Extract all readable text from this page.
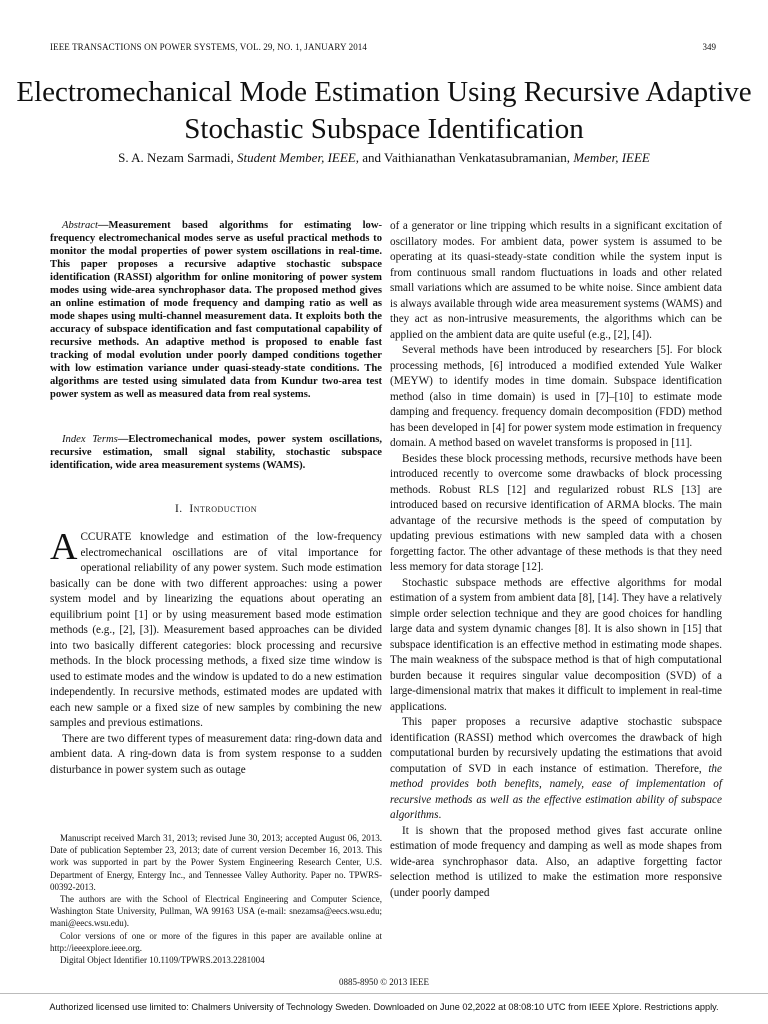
IEEE TRANSACTIONS ON POWER SYSTEMS, VOL. 29, NO. 1, JANUARY 2014	349
Electromechanical Mode Estimation Using Recursive Adaptive Stochastic Subspace Identification
S. A. Nezam Sarmadi, Student Member, IEEE, and Vaithianathan Venkatasubramanian, Member, IEEE

Abstract—Measurement based algorithms for estimating low-frequency electromechanical modes serve as useful practical methods to monitor the modal properties of power system oscillations in real-time. This paper proposes a recursive adaptive stochastic subspace identification (RASSI) algorithm for online monitoring of power system modes using wide-area synchrophasor data. The proposed method gives an online estimation of mode frequency and damping ratio as well as mode shapes using multi-channel measurement data. It exploits both the accuracy of subspace identification and fast computational capability of recursive methods. An adaptive method is proposed to enable fast tracking of modal evolution under poorly damped conditions together with low estimation variance under quasi-steady-state conditions. The algorithms are tested using simulated data from Kundur two-area test power system as well as measured data from real systems.

Index Terms—Electromechanical modes, power system oscillations, recursive estimation, small signal stability, stochastic subspace identification, wide area measurement systems (WAMS).

I. Introduction

ACCURATE knowledge and estimation of the low-frequency electromechanical oscillations are of vital importance for operational reliability of any power system. Such mode estimation basically can be done with two different approaches: using a power system model and by linearizing the equations about operating an equilibrium point [1] or by using measurement based mode estimation methods (e.g., [2], [3]). Measurement based approaches can be divided into two basically different categories: block processing and recursive methods. In the block processing methods, a fixed size time window is used to estimate modes and the window is updated to do a new estimation independently. In recursive methods, estimated modes are updated with each new sample or a fixed size of new samples by combining the new samples and previous estimations.

There are two different types of measurement data: ring-down data and ambient data. A ring-down data is from system response to a sudden disturbance in power system such as outage

Manuscript received March 31, 2013; revised June 30, 2013; accepted August 06, 2013. Date of publication September 23, 2013; date of current version December 16, 2013. This work was supported in part by the Power System Engineering Research Center, U.S. Department of Energy, Entergy Inc., and Tennessee Valley Authority. Paper no. TPWRS-00392-2013.

The authors are with the School of Electrical Engineering and Computer Science, Washington State University, Pullman, WA 99163 USA (e-mail: snezamsa@eecs.wsu.edu; mani@eecs.wsu.edu).

Color versions of one or more of the figures in this paper are available online at http://ieeexplore.ieee.org.

Digital Object Identifier 10.1109/TPWRS.2013.2281004

of a generator or line tripping which results in a significant excitation of oscillatory modes. For ambient data, power system is assumed to be operating at its quasi-steady-state condition while the system input is from continuous small random fluctuations in loads and other related small variations which are assumed to be white noise. Since ambient data is always available through wide area measurement systems (WAMS) and they act as non-intrusive measurements, the algorithms which can be applied on the ambient data are quite useful (e.g., [2], [4]).

Several methods have been introduced by researchers [5]. For block processing methods, [6] introduced a modified extended Yule Walker (MEYW) to identify modes in time domain. Subspace identification method (also in time domain) is used in [7]–[10] to estimate mode damping and frequency. frequency domain decomposition (FDD) method has been developed in [4] for power system mode estimation in frequency domain. A method based on wavelet transforms is proposed in [11].

Besides these block processing methods, recursive methods have been introduced recently to overcome some drawbacks of block processing methods. Robust RLS [12] and regularized robust RLS [13] are introduced based on recursive identification of ARMA blocks. The main advantage of the recursive methods is the speed of computation by updating previous estimations with new sampled data with a chosen forgetting factor. The other advantage of these methods is that they need less memory for data storage [12].

Stochastic subspace methods are effective algorithms for modal estimation of a system from ambient data [8], [14]. They have a relatively simple order selection technique and they are good choices for handling large data and system dynamic changes [8]. It is also shown in [15] that subspace identification is an effective method in estimating mode shapes. The main weakness of the subspace method is that of high computational burden because it requires singular value decomposition (SVD) of a large-dimensional matrix that makes it difficult to implement in real-time applications.

This paper proposes a recursive adaptive stochastic subspace identification (RASSI) method which overcomes the drawback of high computational burden by recursively updating the estimations that avoid computation of SVD in each instance of estimation. Therefore, the method provides both benefits, namely, ease of implementation of recursive methods as well as the effective estimation ability of subspace algorithms.

It is shown that the proposed method gives fast accurate online estimation of mode frequency and damping as well as mode shapes from wide-area synchrophasor data. Also, an adaptive forgetting factor selection method is utilized to make the estimation more responsive (under poorly damped

0885-8950 © 2013 IEEE
Authorized licensed use limited to: Chalmers University of Technology Sweden. Downloaded on June 02,2022 at 08:08:10 UTC from IEEE Xplore. Restrictions apply.
